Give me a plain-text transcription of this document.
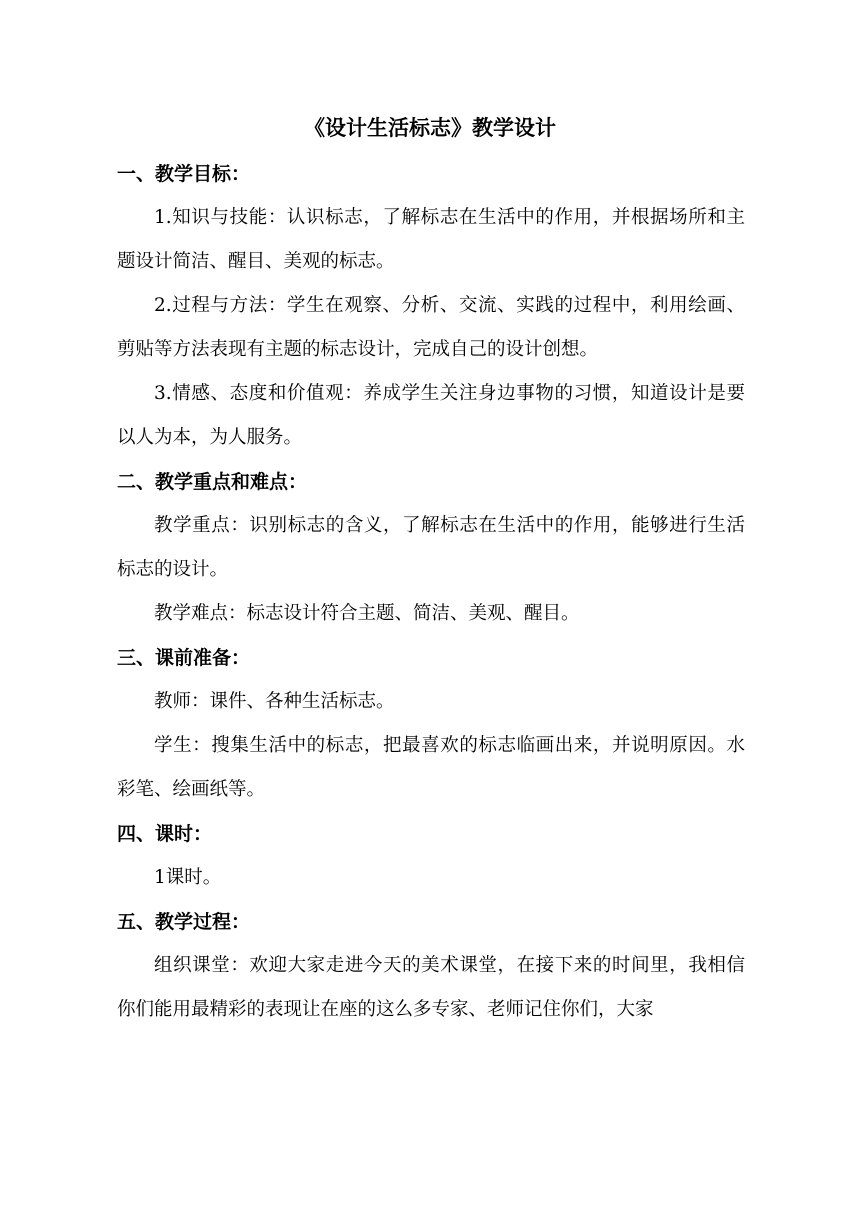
《设计生活标志》教学设计
一、教学目标：

1.知识与技能：认识标志，了解标志在生活中的作用，并根据场所和主题设计简洁、醒目、美观的标志。

2.过程与方法：学生在观察、分析、交流、实践的过程中，利用绘画、剪贴等方法表现有主题的标志设计，完成自己的设计创想。

3.情感、态度和价值观：养成学生关注身边事物的习惯，知道设计是要以人为本，为人服务。

二、教学重点和难点：

教学重点：识别标志的含义，了解标志在生活中的作用，能够进行生活标志的设计。

教学难点：标志设计符合主题、简洁、美观、醒目。

三、课前准备：

教师：课件、各种生活标志。

学生：搜集生活中的标志，把最喜欢的标志临画出来，并说明原因。水彩笔、绘画纸等。

四、课时：

1课时。

五、教学过程：

组织课堂：欢迎大家走进今天的美术课堂，在接下来的时间里，我相信你们能用最精彩的表现让在座的这么多专家、老师记住你们，大家
